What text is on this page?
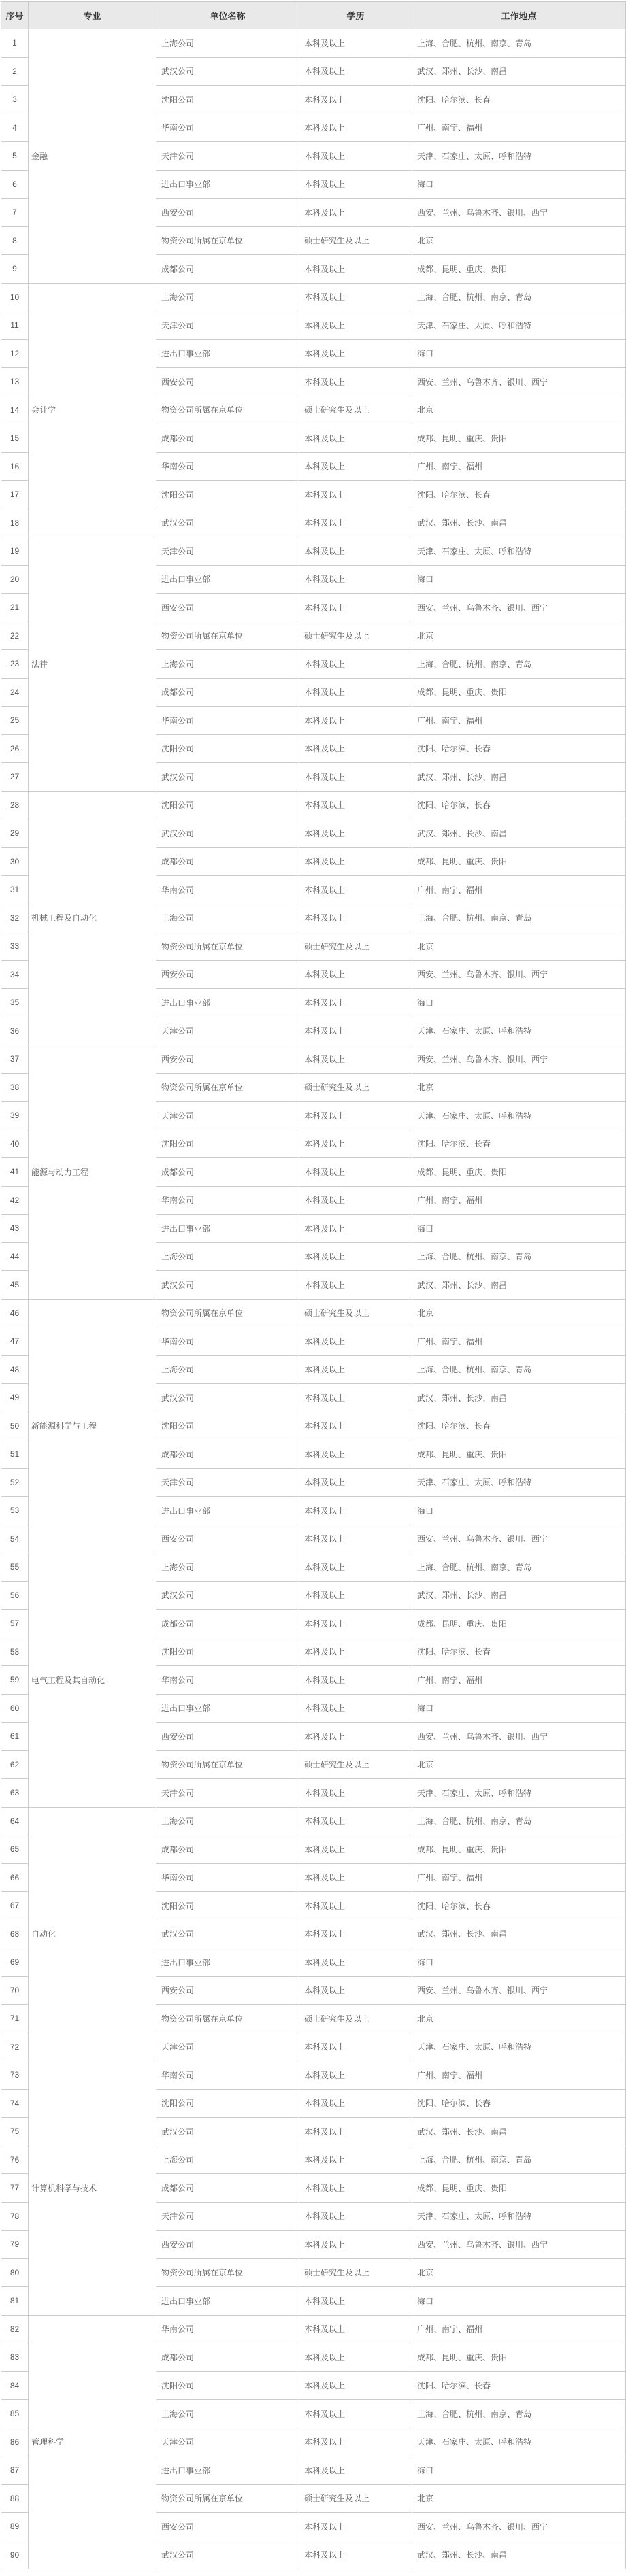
序号	专业	单位名称	学历	工作地点
1	金融	上海公司	本科及以上	上海、合肥、杭州、南京、青岛
2		武汉公司	本科及以上	武汉、郑州、长沙、南昌
3		沈阳公司	本科及以上	沈阳、哈尔滨、长春
4		华南公司	本科及以上	广州、南宁、福州
5		天津公司	本科及以上	天津、石家庄、太原、呼和浩特
6		进出口事业部	本科及以上	海口
7		西安公司	本科及以上	西安、兰州、乌鲁木齐、银川、西宁
8		物资公司所属在京单位	硕士研究生及以上	北京
9		成都公司	本科及以上	成都、昆明、重庆、贵阳
10	会计学	上海公司	本科及以上	上海、合肥、杭州、南京、青岛
11		天津公司	本科及以上	天津、石家庄、太原、呼和浩特
12		进出口事业部	本科及以上	海口
13		西安公司	本科及以上	西安、兰州、乌鲁木齐、银川、西宁
14		物资公司所属在京单位	硕士研究生及以上	北京
15		成都公司	本科及以上	成都、昆明、重庆、贵阳
16		华南公司	本科及以上	广州、南宁、福州
17		沈阳公司	本科及以上	沈阳、哈尔滨、长春
18		武汉公司	本科及以上	武汉、郑州、长沙、南昌
19	法律	天津公司	本科及以上	天津、石家庄、太原、呼和浩特
20		进出口事业部	本科及以上	海口
21		西安公司	本科及以上	西安、兰州、乌鲁木齐、银川、西宁
22		物资公司所属在京单位	硕士研究生及以上	北京
23		上海公司	本科及以上	上海、合肥、杭州、南京、青岛
24		成都公司	本科及以上	成都、昆明、重庆、贵阳
25		华南公司	本科及以上	广州、南宁、福州
26		沈阳公司	本科及以上	沈阳、哈尔滨、长春
27		武汉公司	本科及以上	武汉、郑州、长沙、南昌
28	机械工程及自动化	沈阳公司	本科及以上	沈阳、哈尔滨、长春
29		武汉公司	本科及以上	武汉、郑州、长沙、南昌
30		成都公司	本科及以上	成都、昆明、重庆、贵阳
31		华南公司	本科及以上	广州、南宁、福州
32		上海公司	本科及以上	上海、合肥、杭州、南京、青岛
33		物资公司所属在京单位	硕士研究生及以上	北京
34		西安公司	本科及以上	西安、兰州、乌鲁木齐、银川、西宁
35		进出口事业部	本科及以上	海口
36		天津公司	本科及以上	天津、石家庄、太原、呼和浩特
37	能源与动力工程	西安公司	本科及以上	西安、兰州、乌鲁木齐、银川、西宁
38		物资公司所属在京单位	硕士研究生及以上	北京
39		天津公司	本科及以上	天津、石家庄、太原、呼和浩特
40		沈阳公司	本科及以上	沈阳、哈尔滨、长春
41		成都公司	本科及以上	成都、昆明、重庆、贵阳
42		华南公司	本科及以上	广州、南宁、福州
43		进出口事业部	本科及以上	海口
44		上海公司	本科及以上	上海、合肥、杭州、南京、青岛
45		武汉公司	本科及以上	武汉、郑州、长沙、南昌
46	新能源科学与工程	物资公司所属在京单位	硕士研究生及以上	北京
47		华南公司	本科及以上	广州、南宁、福州
48		上海公司	本科及以上	上海、合肥、杭州、南京、青岛
49		武汉公司	本科及以上	武汉、郑州、长沙、南昌
50		沈阳公司	本科及以上	沈阳、哈尔滨、长春
51		成都公司	本科及以上	成都、昆明、重庆、贵阳
52		天津公司	本科及以上	天津、石家庄、太原、呼和浩特
53		进出口事业部	本科及以上	海口
54		西安公司	本科及以上	西安、兰州、乌鲁木齐、银川、西宁
55	电气工程及其自动化	上海公司	本科及以上	上海、合肥、杭州、南京、青岛
56		武汉公司	本科及以上	武汉、郑州、长沙、南昌
57		成都公司	本科及以上	成都、昆明、重庆、贵阳
58		沈阳公司	本科及以上	沈阳、哈尔滨、长春
59		华南公司	本科及以上	广州、南宁、福州
60		进出口事业部	本科及以上	海口
61		西安公司	本科及以上	西安、兰州、乌鲁木齐、银川、西宁
62		物资公司所属在京单位	硕士研究生及以上	北京
63		天津公司	本科及以上	天津、石家庄、太原、呼和浩特
64	自动化	上海公司	本科及以上	上海、合肥、杭州、南京、青岛
65		成都公司	本科及以上	成都、昆明、重庆、贵阳
66		华南公司	本科及以上	广州、南宁、福州
67		沈阳公司	本科及以上	沈阳、哈尔滨、长春
68		武汉公司	本科及以上	武汉、郑州、长沙、南昌
69		进出口事业部	本科及以上	海口
70		西安公司	本科及以上	西安、兰州、乌鲁木齐、银川、西宁
71		物资公司所属在京单位	硕士研究生及以上	北京
72		天津公司	本科及以上	天津、石家庄、太原、呼和浩特
73	计算机科学与技术	华南公司	本科及以上	广州、南宁、福州
74		沈阳公司	本科及以上	沈阳、哈尔滨、长春
75		武汉公司	本科及以上	武汉、郑州、长沙、南昌
76		上海公司	本科及以上	上海、合肥、杭州、南京、青岛
77		成都公司	本科及以上	成都、昆明、重庆、贵阳
78		天津公司	本科及以上	天津、石家庄、太原、呼和浩特
79		西安公司	本科及以上	西安、兰州、乌鲁木齐、银川、西宁
80		物资公司所属在京单位	硕士研究生及以上	北京
81		进出口事业部	本科及以上	海口
82	管理科学	华南公司	本科及以上	广州、南宁、福州
83		成都公司	本科及以上	成都、昆明、重庆、贵阳
84		沈阳公司	本科及以上	沈阳、哈尔滨、长春
85		上海公司	本科及以上	上海、合肥、杭州、南京、青岛
86		天津公司	本科及以上	天津、石家庄、太原、呼和浩特
87		进出口事业部	本科及以上	海口
88		物资公司所属在京单位	硕士研究生及以上	北京
89		西安公司	本科及以上	西安、兰州、乌鲁木齐、银川、西宁
90		武汉公司	本科及以上	武汉、郑州、长沙、南昌
